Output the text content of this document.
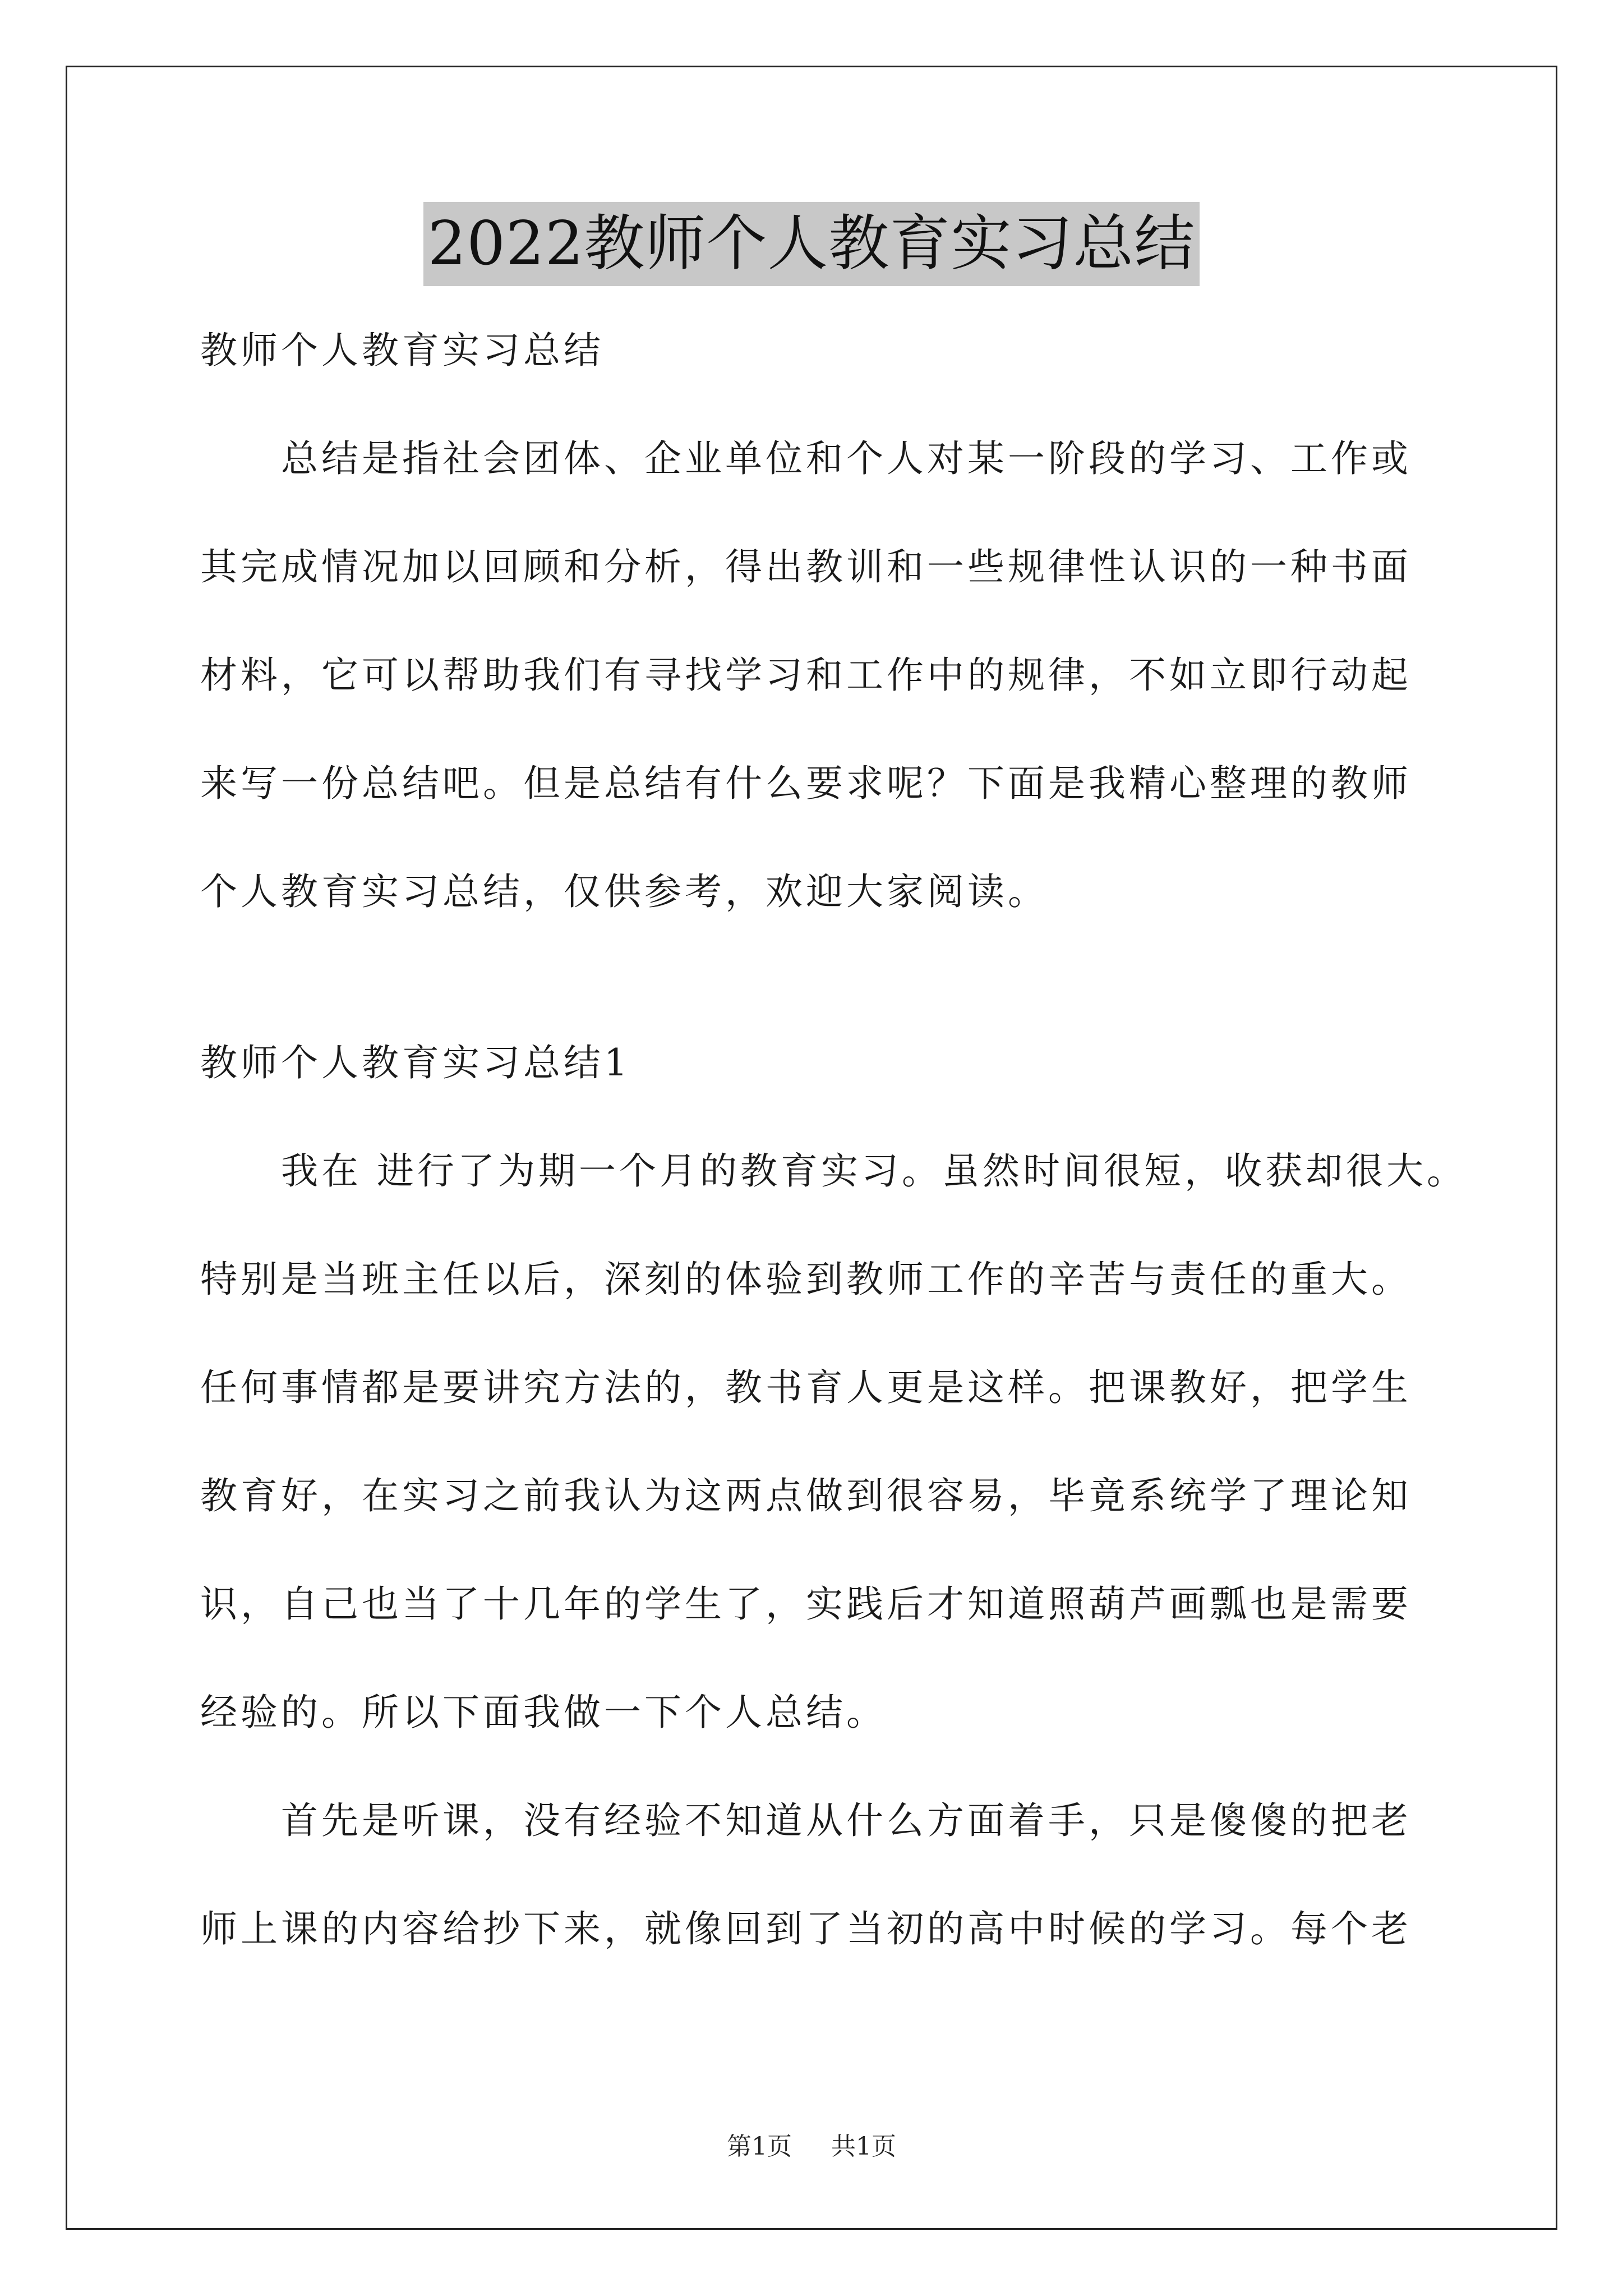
2022教师个人教育实习总结
教师个人教育实习总结
总结是指社会团体、企业单位和个人对某一阶段的学习、工作或
其完成情况加以回顾和分析，得出教训和一些规律性认识的一种书面
材料，它可以帮助我们有寻找学习和工作中的规律，不如立即行动起
来写一份总结吧。但是总结有什么要求呢？下面是我精心整理的教师
个人教育实习总结，仅供参考，欢迎大家阅读。
教师个人教育实习总结1
我在 进行了为期一个月的教育实习。虽然时间很短，收获却很大。
特别是当班主任以后，深刻的体验到教师工作的辛苦与责任的重大。
任何事情都是要讲究方法的，教书育人更是这样。把课教好，把学生
教育好，在实习之前我认为这两点做到很容易，毕竟系统学了理论知
识，自己也当了十几年的学生了，实践后才知道照葫芦画瓢也是需要
经验的。所以下面我做一下个人总结。
首先是听课，没有经验不知道从什么方面着手，只是傻傻的把老
师上课的内容给抄下来，就像回到了当初的高中时候的学习。每个老
第1页 共1页
